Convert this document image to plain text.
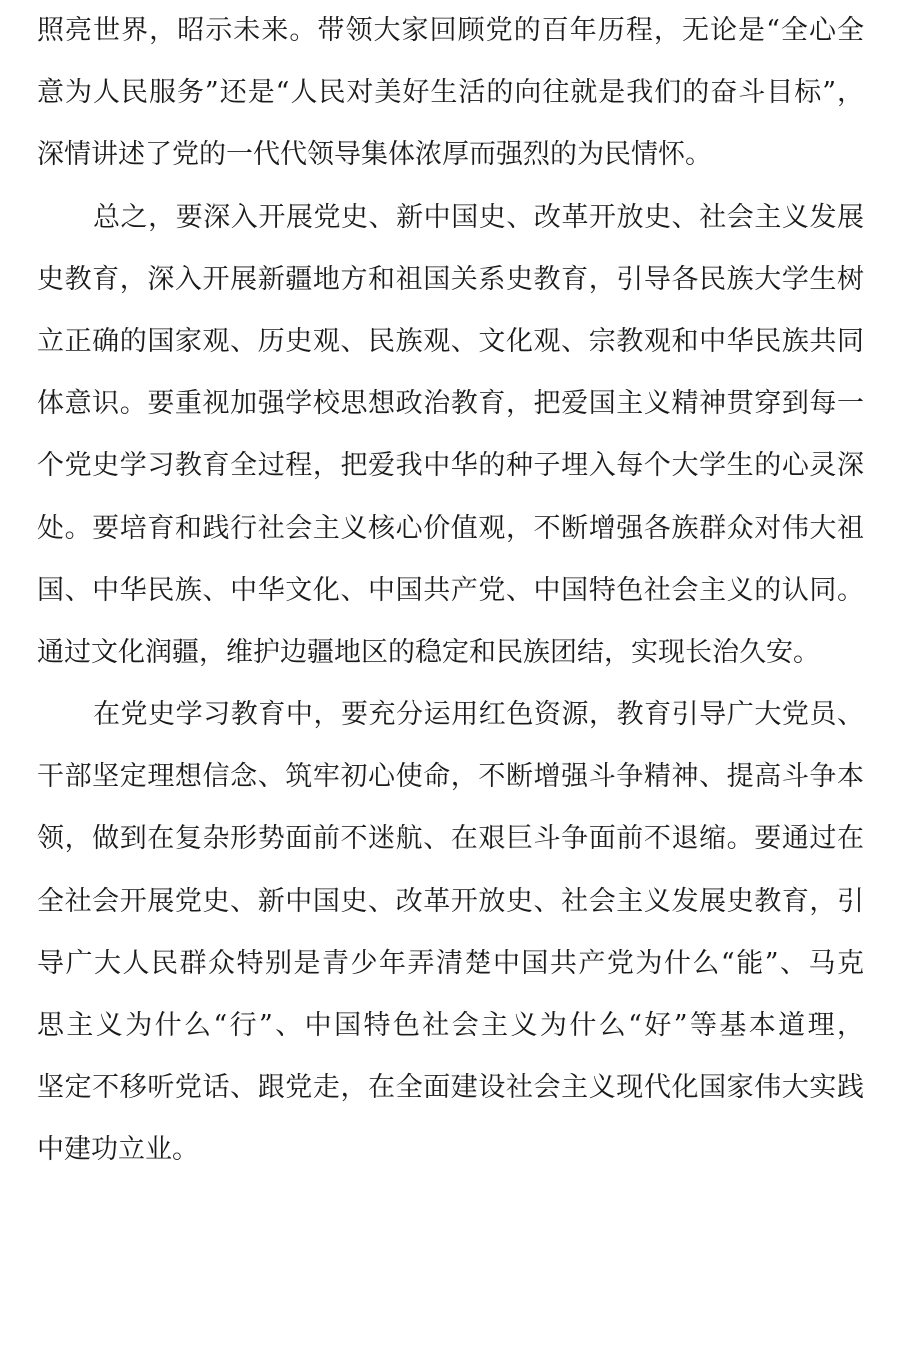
照亮世界，昭示未来。带领大家回顾党的百年历程，无论是“全心全
意为人民服务”还是“人民对美好生活的向往就是我们的奋斗目标”，
深情讲述了党的一代代领导集体浓厚而强烈的为民情怀。
总之，要深入开展党史、新中国史、改革开放史、社会主义发展
史教育，深入开展新疆地方和祖国关系史教育，引导各民族大学生树
立正确的国家观、历史观、民族观、文化观、宗教观和中华民族共同
体意识。要重视加强学校思想政治教育，把爱国主义精神贯穿到每一
个党史学习教育全过程，把爱我中华的种子埋入每个大学生的心灵深
处。要培育和践行社会主义核心价值观，不断增强各族群众对伟大祖
国、中华民族、中华文化、中国共产党、中国特色社会主义的认同。
通过文化润疆，维护边疆地区的稳定和民族团结，实现长治久安。
在党史学习教育中，要充分运用红色资源，教育引导广大党员、
干部坚定理想信念、筑牢初心使命，不断增强斗争精神、提高斗争本
领，做到在复杂形势面前不迷航、在艰巨斗争面前不退缩。要通过在
全社会开展党史、新中国史、改革开放史、社会主义发展史教育，引
导广大人民群众特别是青少年弄清楚中国共产党为什么“能”、马克
思主义为什么“行”、中国特色社会主义为什么“好”等基本道理，
坚定不移听党话、跟党走，在全面建设社会主义现代化国家伟大实践
中建功立业。
